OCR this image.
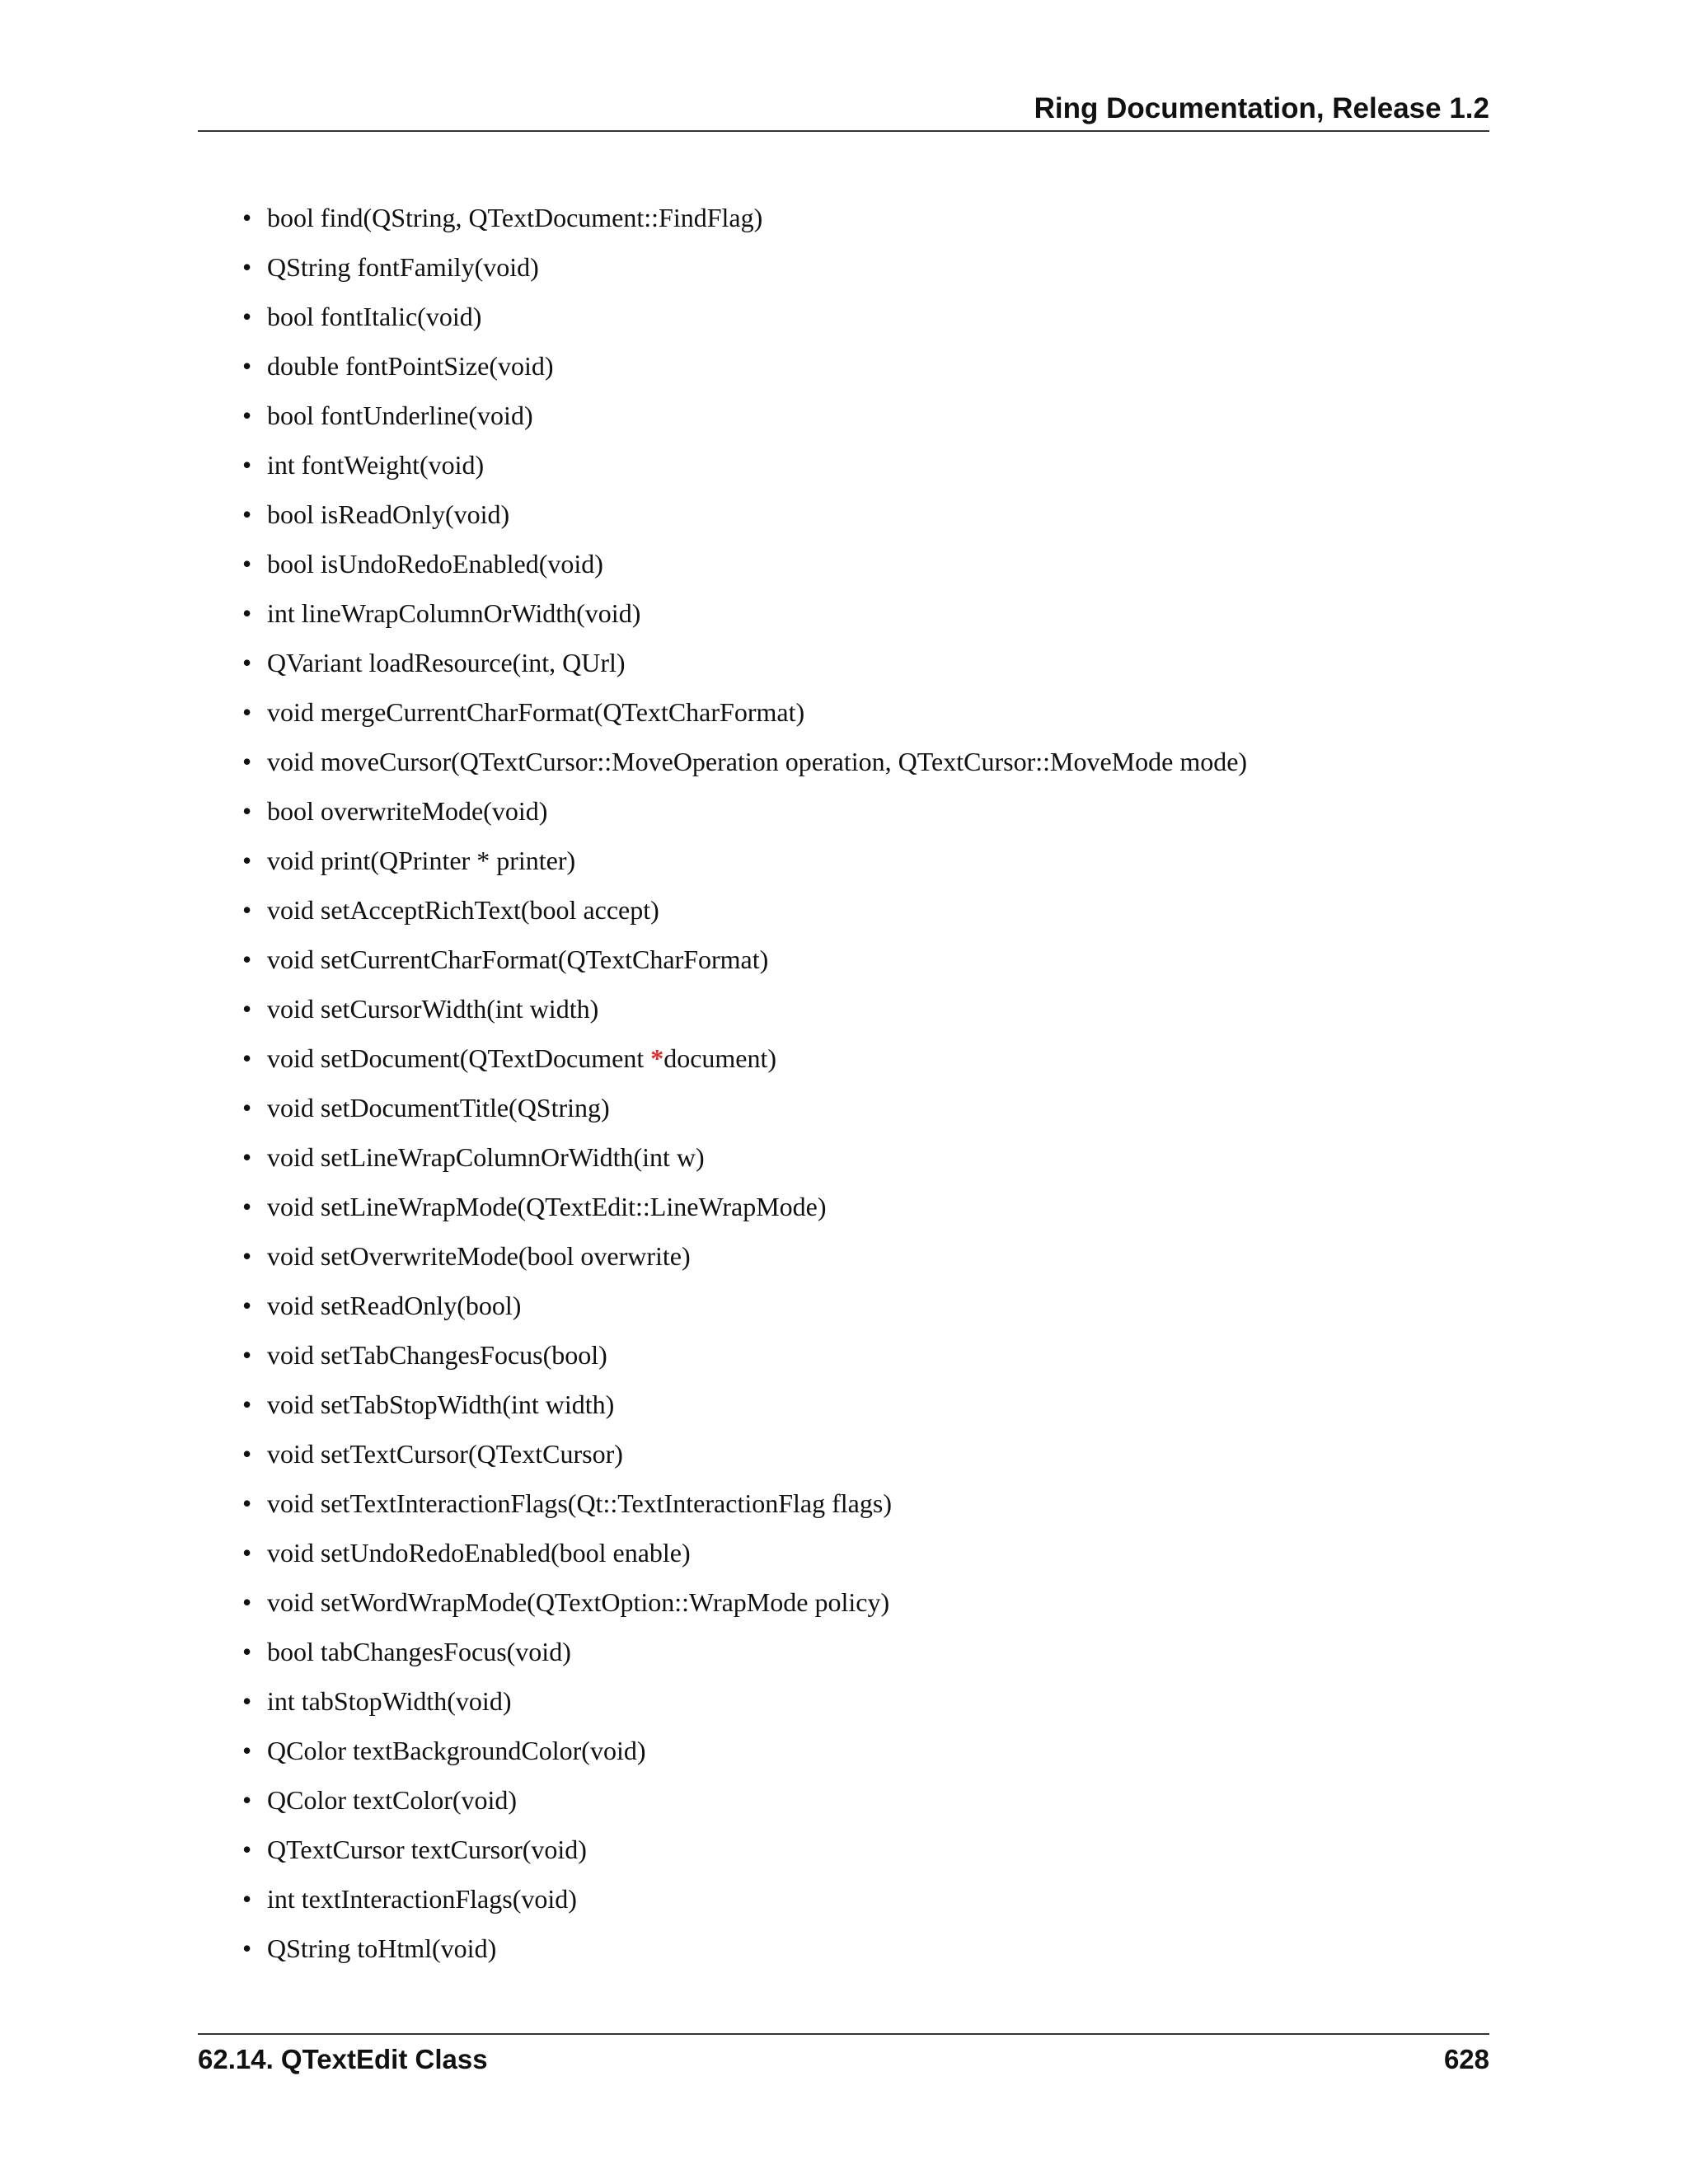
Ring Documentation, Release 1.2
• bool find(QString, QTextDocument::FindFlag)
• QString fontFamily(void)
• bool fontItalic(void)
• double fontPointSize(void)
• bool fontUnderline(void)
• int fontWeight(void)
• bool isReadOnly(void)
• bool isUndoRedoEnabled(void)
• int lineWrapColumnOrWidth(void)
• QVariant loadResource(int, QUrl)
• void mergeCurrentCharFormat(QTextCharFormat)
• void moveCursor(QTextCursor::MoveOperation operation, QTextCursor::MoveMode mode)
• bool overwriteMode(void)
• void print(QPrinter * printer)
• void setAcceptRichText(bool accept)
• void setCurrentCharFormat(QTextCharFormat)
• void setCursorWidth(int width)
• void setDocument(QTextDocument *document)
• void setDocumentTitle(QString)
• void setLineWrapColumnOrWidth(int w)
• void setLineWrapMode(QTextEdit::LineWrapMode)
• void setOverwriteMode(bool overwrite)
• void setReadOnly(bool)
• void setTabChangesFocus(bool)
• void setTabStopWidth(int width)
• void setTextCursor(QTextCursor)
• void setTextInteractionFlags(Qt::TextInteractionFlag flags)
• void setUndoRedoEnabled(bool enable)
• void setWordWrapMode(QTextOption::WrapMode policy)
• bool tabChangesFocus(void)
• int tabStopWidth(void)
• QColor textBackgroundColor(void)
• QColor textColor(void)
• QTextCursor textCursor(void)
• int textInteractionFlags(void)
• QString toHtml(void)
62.14. QTextEdit Class	628
